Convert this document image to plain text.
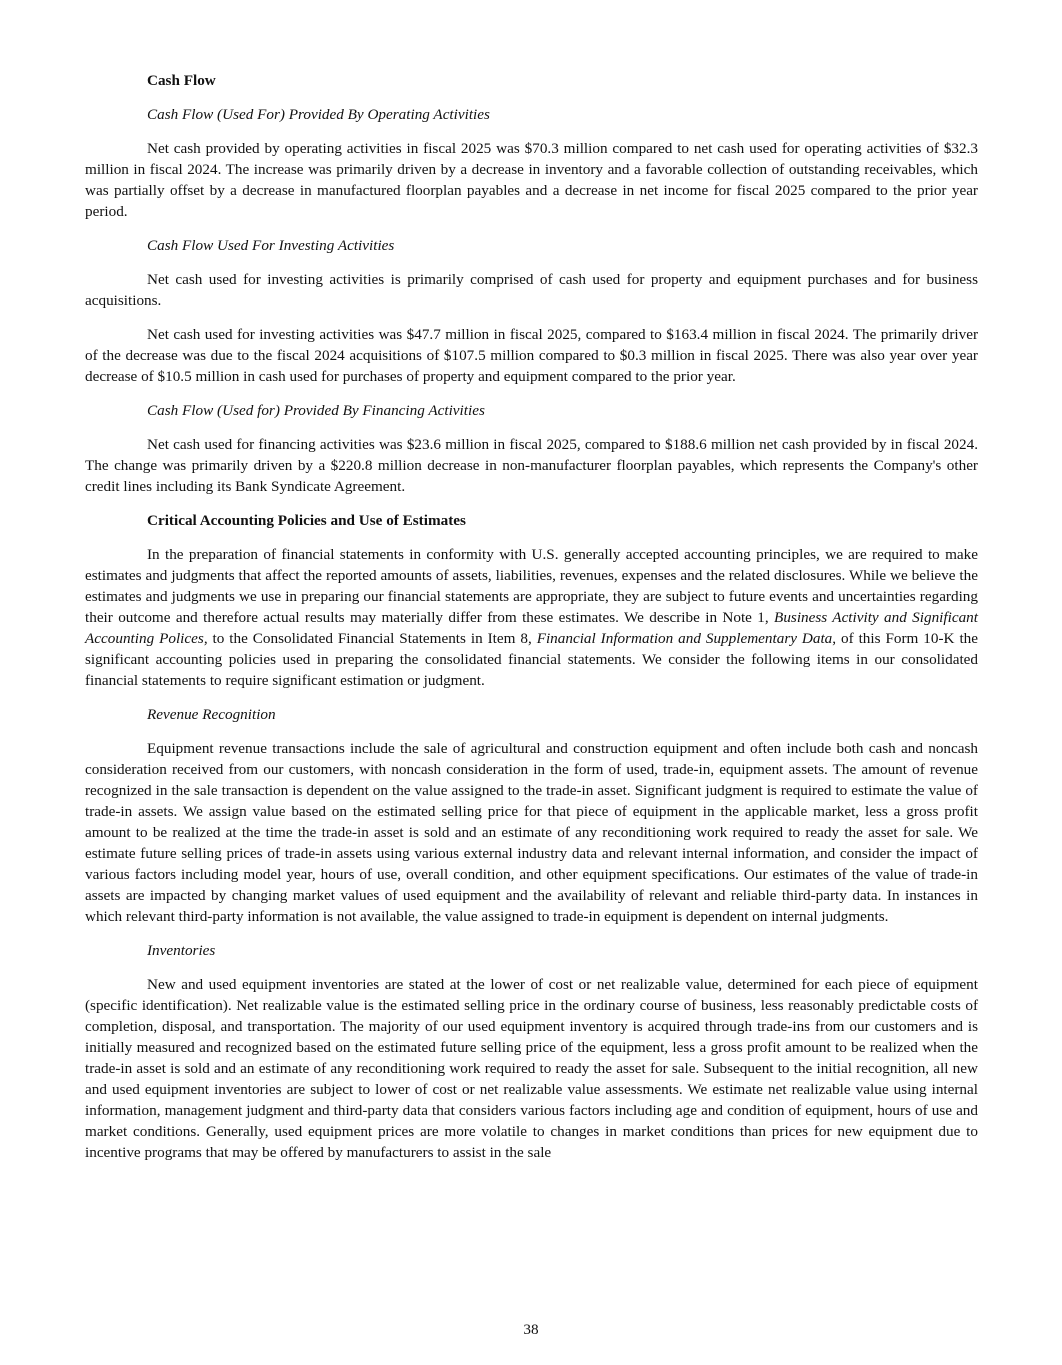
Cash Flow

Cash Flow (Used For) Provided By Operating Activities

Net cash provided by operating activities in fiscal 2025 was $70.3 million compared to net cash used for operating activities of $32.3 million in fiscal 2024. The increase was primarily driven by a decrease in inventory and a favorable collection of outstanding receivables, which was partially offset by a decrease in manufactured floorplan payables and a decrease in net income for fiscal 2025 compared to the prior year period.

Cash Flow Used For Investing Activities

Net cash used for investing activities is primarily comprised of cash used for property and equipment purchases and for business acquisitions.

Net cash used for investing activities was $47.7 million in fiscal 2025, compared to $163.4 million in fiscal 2024. The primarily driver of the decrease was due to the fiscal 2024 acquisitions of $107.5 million compared to $0.3 million in fiscal 2025. There was also year over year decrease of $10.5 million in cash used for purchases of property and equipment compared to the prior year.

Cash Flow (Used for) Provided By Financing Activities

Net cash used for financing activities was $23.6 million in fiscal 2025, compared to $188.6 million net cash provided by in fiscal 2024. The change was primarily driven by a $220.8 million decrease in non-manufacturer floorplan payables, which represents the Company's other credit lines including its Bank Syndicate Agreement.

Critical Accounting Policies and Use of Estimates

In the preparation of financial statements in conformity with U.S. generally accepted accounting principles, we are required to make estimates and judgments that affect the reported amounts of assets, liabilities, revenues, expenses and the related disclosures. While we believe the estimates and judgments we use in preparing our financial statements are appropriate, they are subject to future events and uncertainties regarding their outcome and therefore actual results may materially differ from these estimates. We describe in Note 1, Business Activity and Significant Accounting Polices, to the Consolidated Financial Statements in Item 8, Financial Information and Supplementary Data, of this Form 10-K the significant accounting policies used in preparing the consolidated financial statements. We consider the following items in our consolidated financial statements to require significant estimation or judgment.

Revenue Recognition

Equipment revenue transactions include the sale of agricultural and construction equipment and often include both cash and noncash consideration received from our customers, with noncash consideration in the form of used, trade-in, equipment assets. The amount of revenue recognized in the sale transaction is dependent on the value assigned to the trade-in asset. Significant judgment is required to estimate the value of trade-in assets. We assign value based on the estimated selling price for that piece of equipment in the applicable market, less a gross profit amount to be realized at the time the trade-in asset is sold and an estimate of any reconditioning work required to ready the asset for sale. We estimate future selling prices of trade-in assets using various external industry data and relevant internal information, and consider the impact of various factors including model year, hours of use, overall condition, and other equipment specifications. Our estimates of the value of trade-in assets are impacted by changing market values of used equipment and the availability of relevant and reliable third-party data. In instances in which relevant third-party information is not available, the value assigned to trade-in equipment is dependent on internal judgments.

Inventories

New and used equipment inventories are stated at the lower of cost or net realizable value, determined for each piece of equipment (specific identification). Net realizable value is the estimated selling price in the ordinary course of business, less reasonably predictable costs of completion, disposal, and transportation. The majority of our used equipment inventory is acquired through trade-ins from our customers and is initially measured and recognized based on the estimated future selling price of the equipment, less a gross profit amount to be realized when the trade-in asset is sold and an estimate of any reconditioning work required to ready the asset for sale. Subsequent to the initial recognition, all new and used equipment inventories are subject to lower of cost or net realizable value assessments. We estimate net realizable value using internal information, management judgment and third-party data that considers various factors including age and condition of equipment, hours of use and market conditions. Generally, used equipment prices are more volatile to changes in market conditions than prices for new equipment due to incentive programs that may be offered by manufacturers to assist in the sale

38
